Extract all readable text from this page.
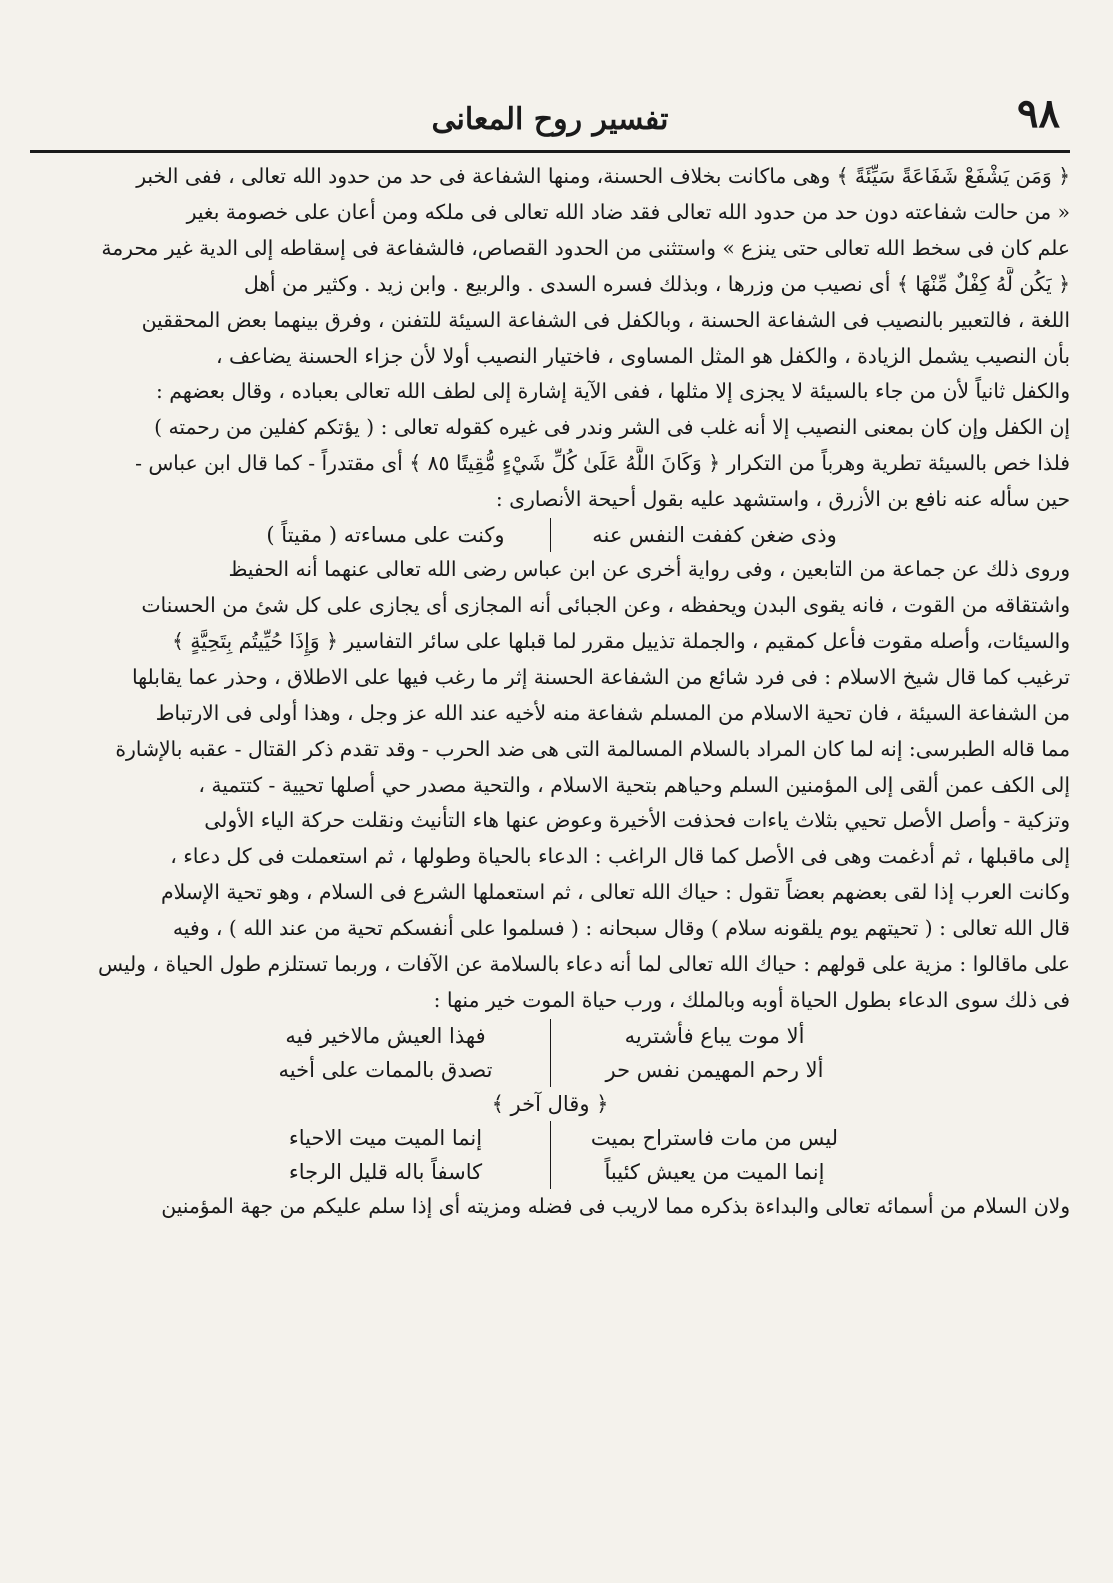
٩٨
تفسير روح المعانى
﴿ وَمَن يَشْفَعْ شَفَاعَةً سَيِّئَةً ﴾ وهى ماكانت بخلاف الحسنة، ومنها الشفاعة فى حد من حدود الله تعالى ، ففى الخبر
« من حالت شفاعته دون حد من حدود الله تعالى فقد ضاد الله تعالى فى ملكه ومن أعان على خصومة بغير
علم كان فى سخط الله تعالى حتى ينزع » واستثنى من الحدود القصاص، فالشفاعة فى إسقاطه إلى الدية غير محرمة
﴿ يَكُن لَّهُ كِفْلٌ مِّنْهَا ﴾ أى نصيب من وزرها ، وبذلك فسره السدى . والربيع . وابن زيد . وكثير من أهل
اللغة ، فالتعبير بالنصيب فى الشفاعة الحسنة ، وبالكفل فى الشفاعة السيئة للتفنن ، وفرق بينهما بعض المحققين
بأن النصيب يشمل الزيادة ، والكفل هو المثل المساوى ، فاختيار النصيب أولا لأن جزاء الحسنة يضاعف ،
والكفل ثانياً لأن من جاء بالسيئة لا يجزى إلا مثلها ، ففى الآية إشارة إلى لطف الله تعالى بعباده ، وقال بعضهم :
إن الكفل وإن كان بمعنى النصيب إلا أنه غلب فى الشر وندر فى غيره كقوله تعالى : ( يؤتكم كفلين من رحمته )
فلذا خص بالسيئة تطرية وهرباً من التكرار ﴿ وَكَانَ اللَّهُ عَلَىٰ كُلِّ شَيْءٍ مُّقِيتًا ٨٥ ﴾ أى مقتدراً - كما قال ابن عباس -
حين سأله عنه نافع بن الأزرق ، واستشهد عليه بقول أحيحة الأنصارى :
وذى ضغن كففت النفس عنه
وكنت على مساءته ( مقيتاً )
وروى ذلك عن جماعة من التابعين ، وفى رواية أخرى عن ابن عباس رضى الله تعالى عنهما أنه الحفيظ
واشتقاقه من القوت ، فانه يقوى البدن ويحفظه ، وعن الجبائى أنه المجازى أى يجازى على كل شئ من الحسنات
والسيئات، وأصله مقوت فأعل كمقيم ، والجملة تذييل مقرر لما قبلها على سائر التفاسير ﴿ وَإِذَا حُيِّيتُم بِتَحِيَّةٍ ﴾
ترغيب كما قال شيخ الاسلام : فى فرد شائع من الشفاعة الحسنة إثر ما رغب فيها على الاطلاق ، وحذر عما يقابلها
من الشفاعة السيئة ، فان تحية الاسلام من المسلم شفاعة منه لأخيه عند الله عز وجل ، وهذا أولى فى الارتباط
مما قاله الطبرسى: إنه لما كان المراد بالسلام المسالمة التى هى ضد الحرب - وقد تقدم ذكر القتال - عقبه بالإشارة
إلى الكف عمن ألقى إلى المؤمنين السلم وحياهم بتحية الاسلام ، والتحية مصدر حي أصلها تحيية - كتتمية ،
وتزكية - وأصل الأصل تحيي بثلاث ياءات فحذفت الأخيرة وعوض عنها هاء التأنيث ونقلت حركة الياء الأولى
إلى ماقبلها ، ثم أدغمت وهى فى الأصل كما قال الراغب : الدعاء بالحياة وطولها ، ثم استعملت فى كل دعاء ،
وكانت العرب إذا لقى بعضهم بعضاً تقول : حياك الله تعالى ، ثم استعملها الشرع فى السلام ، وهو تحية الإسلام
قال الله تعالى : ( تحيتهم يوم يلقونه سلام ) وقال سبحانه : ( فسلموا على أنفسكم تحية من عند الله ) ، وفيه
على ماقالوا : مزية على قولهم : حياك الله تعالى لما أنه دعاء بالسلامة عن الآفات ، وربما تستلزم طول الحياة ، وليس
فى ذلك سوى الدعاء بطول الحياة أوبه وبالملك ، ورب حياة الموت خير منها :
ألا موت يباع فأشتريه
فهذا العيش مالاخير فيه
ألا رحم المهيمن نفس حر
تصدق بالممات على أخيه
﴿ وقال آخر ﴾
ليس من مات فاستراح بميت
إنما الميت ميت الاحياء
إنما الميت من يعيش كئيباً
كاسفاً باله قليل الرجاء
ولان السلام من أسمائه تعالى والبداءة بذكره مما لاريب فى فضله ومزيته أى إذا سلم عليكم من جهة المؤمنين
